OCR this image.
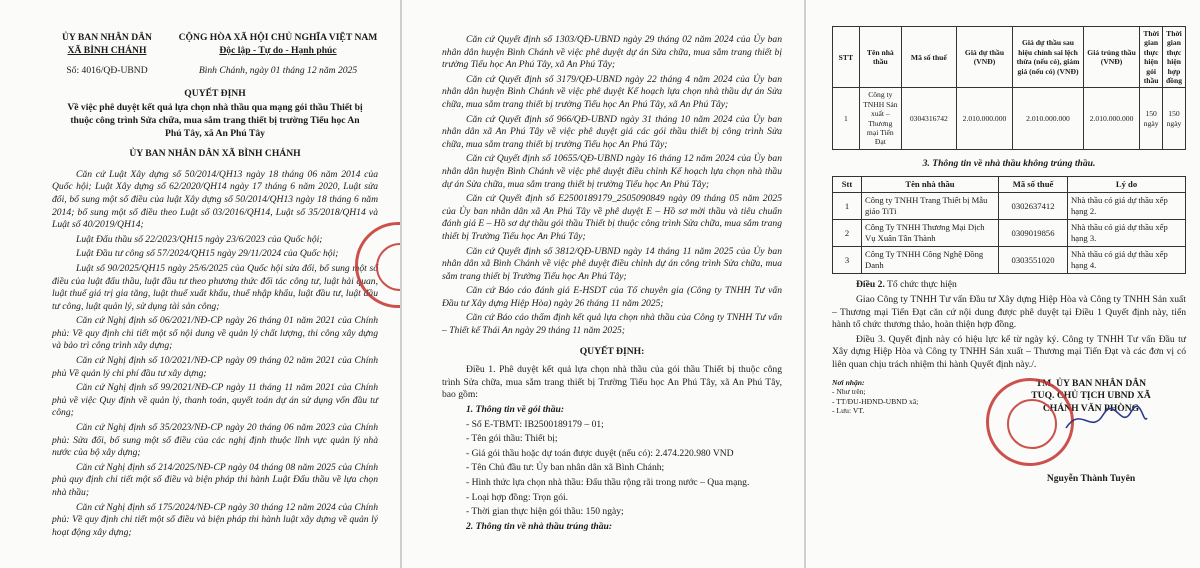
ỦY BAN NHÂN DÂN
XÃ BÌNH CHÁNH
CỘNG HÒA XÃ HỘI CHỦ NGHĨA VIỆT NAM
Độc lập - Tự do - Hạnh phúc
Số: 4016/QĐ-UBND	Bình Chánh, ngày 01 tháng 12 năm 2025
QUYẾT ĐỊNH
Về việc phê duyệt kết quả lựa chọn nhà thầu qua mạng gói thầu Thiết bị thuộc công trình Sửa chữa, mua sắm trang thiết bị trường Tiểu học An Phú Tây, xã An Phú Tây
ỦY BAN NHÂN DÂN XÃ BÌNH CHÁNH

Căn cứ Luật Xây dựng số 50/2014/QH13 ngày 18 tháng 06 năm 2014 của Quốc hội; Luật Xây dựng số 62/2020/QH14 ngày 17 tháng 6 năm 2020, Luật sửa đổi, bổ sung một số điều của luật Xây dựng số 50/2014/QH13 ngày 18 tháng 6 năm 2014; bổ sung một số điều theo Luật số 03/2016/QH14, Luật số 35/2018/QH14 và Luật số 40/2019/QH14;

Luật Đấu thầu số 22/2023/QH15 ngày 23/6/2023 của Quốc hội;

Luật Đầu tư công số 57/2024/QH15 ngày 29/11/2024 của Quốc hội;

Luật số 90/2025/QH15 ngày 25/6/2025 của Quốc hội sửa đổi, bổ sung một số điều của luật đấu thầu, luật đầu tư theo phương thức đối tác công tư, luật hải quan, luật thuế giá trị gia tăng, luật thuế xuất khẩu, thuế nhập khẩu, luật đầu tư, luật đầu tư công, luật quản lý, sử dụng tài sản công;

Căn cứ Nghị định số 06/2021/NĐ-CP ngày 26 tháng 01 năm 2021 của Chính phủ: Về quy định chi tiết một số nội dung về quản lý chất lượng, thi công xây dựng và bảo trì công trình xây dựng;

Căn cứ Nghị định số 10/2021/NĐ-CP ngày 09 tháng 02 năm 2021 của Chính phủ Về quản lý chi phí đầu tư xây dựng;

Căn cứ Nghị định số 99/2021/NĐ-CP ngày 11 tháng 11 năm 2021 của Chính phủ về việc Quy định về quản lý, thanh toán, quyết toán dự án sử dụng vốn đầu tư công;

Căn cứ Nghị định số 35/2023/NĐ-CP ngày 20 tháng 06 năm 2023 của Chính phủ: Sửa đổi, bổ sung một số điều của các nghị định thuộc lĩnh vực quản lý nhà nước của bộ xây dựng;

Căn cứ Nghị định số 214/2025/NĐ-CP ngày 04 tháng 08 năm 2025 của Chính phủ quy định chi tiết một số điều và biện pháp thi hành Luật Đấu thầu về lựa chọn nhà thầu;

Căn cứ Nghị định số 175/2024/NĐ-CP ngày 30 tháng 12 năm 2024 của Chính phủ: Về quy định chi tiết một số điều và biện pháp thi hành luật xây dựng về quản lý hoạt động xây dựng;

Căn cứ Quyết định số 1303/QĐ-UBND ngày 29 tháng 02 năm 2024 của Ủy ban nhân dân huyện Bình Chánh về việc phê duyệt dự án Sửa chữa, mua sắm trang thiết bị trường Tiểu học An Phú Tây, xã An Phú Tây;

Căn cứ Quyết định số 3179/QĐ-UBND ngày 22 tháng 4 năm 2024 của Ủy ban nhân dân huyện Bình Chánh về việc phê duyệt Kế hoạch lựa chọn nhà thầu dự án Sửa chữa, mua sắm trang thiết bị trường Tiểu học An Phú Tây, xã An Phú Tây;

Căn cứ Quyết định số 966/QĐ-UBND ngày 31 tháng 10 năm 2024 của Ủy ban nhân dân xã An Phú Tây về việc phê duyệt giá các gói thầu thiết bị công trình Sửa chữa, mua sắm trang thiết bị trường Tiểu học An Phú Tây;

Căn cứ Quyết định số 10655/QĐ-UBND ngày 16 tháng 12 năm 2024 của Ủy ban nhân dân huyện Bình Chánh về việc phê duyệt điều chỉnh Kế hoạch lựa chọn nhà thầu dự án Sửa chữa, mua sắm trang thiết bị trường Tiểu học An Phú Tây;

Căn cứ Quyết định số E2500189179_2505090849 ngày 09 tháng 05 năm 2025 của Ủy ban nhân dân xã An Phú Tây về phê duyệt E – Hồ sơ mời thầu và tiêu chuẩn đánh giá E – Hồ sơ dự thầu gói thầu Thiết bị thuộc công trình Sửa chữa, mua sắm trang thiết bị Trường Tiểu học An Phú Tây;

Căn cứ Quyết định số 3812/QĐ-UBND ngày 14 tháng 11 năm 2025 của Ủy ban nhân dân xã Bình Chánh về việc phê duyệt điều chỉnh dự án công trình Sửa chữa, mua sắm trang thiết bị Trường Tiểu học An Phú Tây;

Căn cứ Báo cáo đánh giá E-HSDT của Tổ chuyên gia (Công ty TNHH Tư vấn Đầu tư Xây dựng Hiệp Hòa) ngày 26 tháng 11 năm 2025;

Căn cứ Báo cáo thẩm định kết quả lựa chọn nhà thầu của Công ty TNHH Tư vấn – Thiết kế Thái An ngày 29 tháng 11 năm 2025;

QUYẾT ĐỊNH:

Điều 1. Phê duyệt kết quả lựa chọn nhà thầu của gói thầu Thiết bị thuộc công trình Sửa chữa, mua sắm trang thiết bị Trường Tiểu học An Phú Tây, xã An Phú Tây, bao gồm:

1. Thông tin về gói thầu:

- Số E-TBMT: IB2500189179 – 01;

- Tên gói thầu: Thiết bị;

- Giá gói thầu hoặc dự toán được duyệt (nếu có): 2.474.220.980 VND

- Tên Chủ đầu tư: Ủy ban nhân dân xã Bình Chánh;

- Hình thức lựa chọn nhà thầu: Đấu thầu rộng rãi trong nước – Qua mạng.

- Loại hợp đồng: Trọn gói.

- Thời gian thực hiện gói thầu: 150 ngày;

2. Thông tin về nhà thầu trúng thầu:

STT	Tên nhà thầu	Mã số thuế	Giá dự thầu (VNĐ)	Giá dự thầu sau hiệu chỉnh sai lệch thừa (nếu có), giảm giá (nếu có) (VNĐ)	Giá trúng thầu (VNĐ)	Thời gian thực hiện gói thầu	Thời gian thực hiện hợp đồng
1	Công ty TNHH Sản xuất – Thương mại Tiến Đạt	0304316742	2.010.000.000	2.010.000.000	2.010.000.000	150 ngày	150 ngày
3. Thông tin về nhà thầu không trúng thầu.
Stt	Tên nhà thầu	Mã số thuế	Lý do
1	Công ty TNHH Trang Thiết bị Mẫu giáo TiTi	0302637412	Nhà thầu có giá dự thầu xếp hạng 2.
2	Công Ty TNHH Thương Mại Dịch Vụ Xuân Tân Thành	0309019856	Nhà thầu có giá dự thầu xếp hạng 3.
3	Công Ty TNHH Công Nghệ Đồng Danh	0303551020	Nhà thầu có giá dự thầu xếp hạng 4.

Điều 2. Tổ chức thực hiện

Giao Công ty TNHH Tư vấn Đầu tư Xây dựng Hiệp Hòa và Công ty TNHH Sản xuất – Thương mại Tiến Đạt căn cứ nội dung được phê duyệt tại Điều 1 Quyết định này, tiến hành tổ chức thương thảo, hoàn thiện hợp đồng.

Điều 3. Quyết định này có hiệu lực kể từ ngày ký. Công ty TNHH Tư vấn Đầu tư Xây dựng Hiệp Hòa và Công ty TNHH Sản xuất – Thương mại Tiến Đạt và các đơn vị có liên quan chịu trách nhiệm thi hành Quyết định này./.

Nơi nhận:
- Như trên;
- TT/ĐU-HĐND-UBND xã;
- Lưu: VT.
TM. ỦY BAN NHÂN DÂN
TUQ. CHỦ TỊCH UBND XÃ
CHÁNH VĂN PHÒNG
Nguyễn Thành Tuyên
